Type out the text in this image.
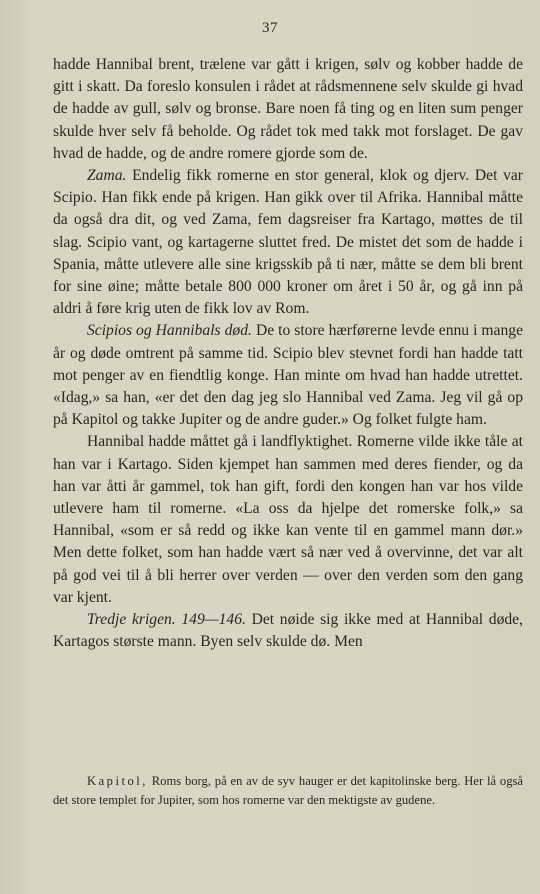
37

hadde Hannibal brent, trælene var gått i krigen, sølv og kobber hadde de gitt i skatt. Da foreslo konsulen i rådet at rådsmennene selv skulde gi hvad de hadde av gull, sølv og bronse. Bare noen få ting og en liten sum penger skulde hver selv få beholde. Og rådet tok med takk mot forslaget. De gav hvad de hadde, og de andre romere gjorde som de.

Zama. Endelig fikk romerne en stor general, klok og djerv. Det var Scipio. Han fikk ende på krigen. Han gikk over til Afrika. Hannibal måtte da også dra dit, og ved Zama, fem dagsreiser fra Kartago, møttes de til slag. Scipio vant, og kartagerne sluttet fred. De mistet det som de hadde i Spania, måtte utlevere alle sine krigsskib på ti nær, måtte se dem bli brent for sine øine; måtte betale 800 000 kroner om året i 50 år, og gå inn på aldri å føre krig uten de fikk lov av Rom.

Scipios og Hannibals død. De to store hærførerne levde ennu i mange år og døde omtrent på samme tid. Scipio blev stevnet fordi han hadde tatt mot penger av en fiendtlig konge. Han minte om hvad han hadde utrettet. «Idag,» sa han, «er det den dag jeg slo Hannibal ved Zama. Jeg vil gå op på Kapitol og takke Jupiter og de andre guder.» Og folket fulgte ham.

Hannibal hadde måttet gå i landflyktighet. Romerne vilde ikke tåle at han var i Kartago. Siden kjempet han sammen med deres fiender, og da han var åtti år gammel, tok han gift, fordi den kongen han var hos vilde utlevere ham til romerne. «La oss da hjelpe det romerske folk,» sa Hannibal, «som er så redd og ikke kan vente til en gammel mann dør.» Men dette folket, som han hadde vært så nær ved å overvinne, det var alt på god vei til å bli herrer over verden — over den verden som den gang var kjent.

Tredje krigen. 149—146. Det nøide sig ikke med at Hannibal døde, Kartagos største mann. Byen selv skulde dø. Men

Kapitol, Roms borg, på en av de syv hauger er det kapitolinske berg. Her lå også det store templet for Jupiter, som hos romerne var den mektigste av gudene.
